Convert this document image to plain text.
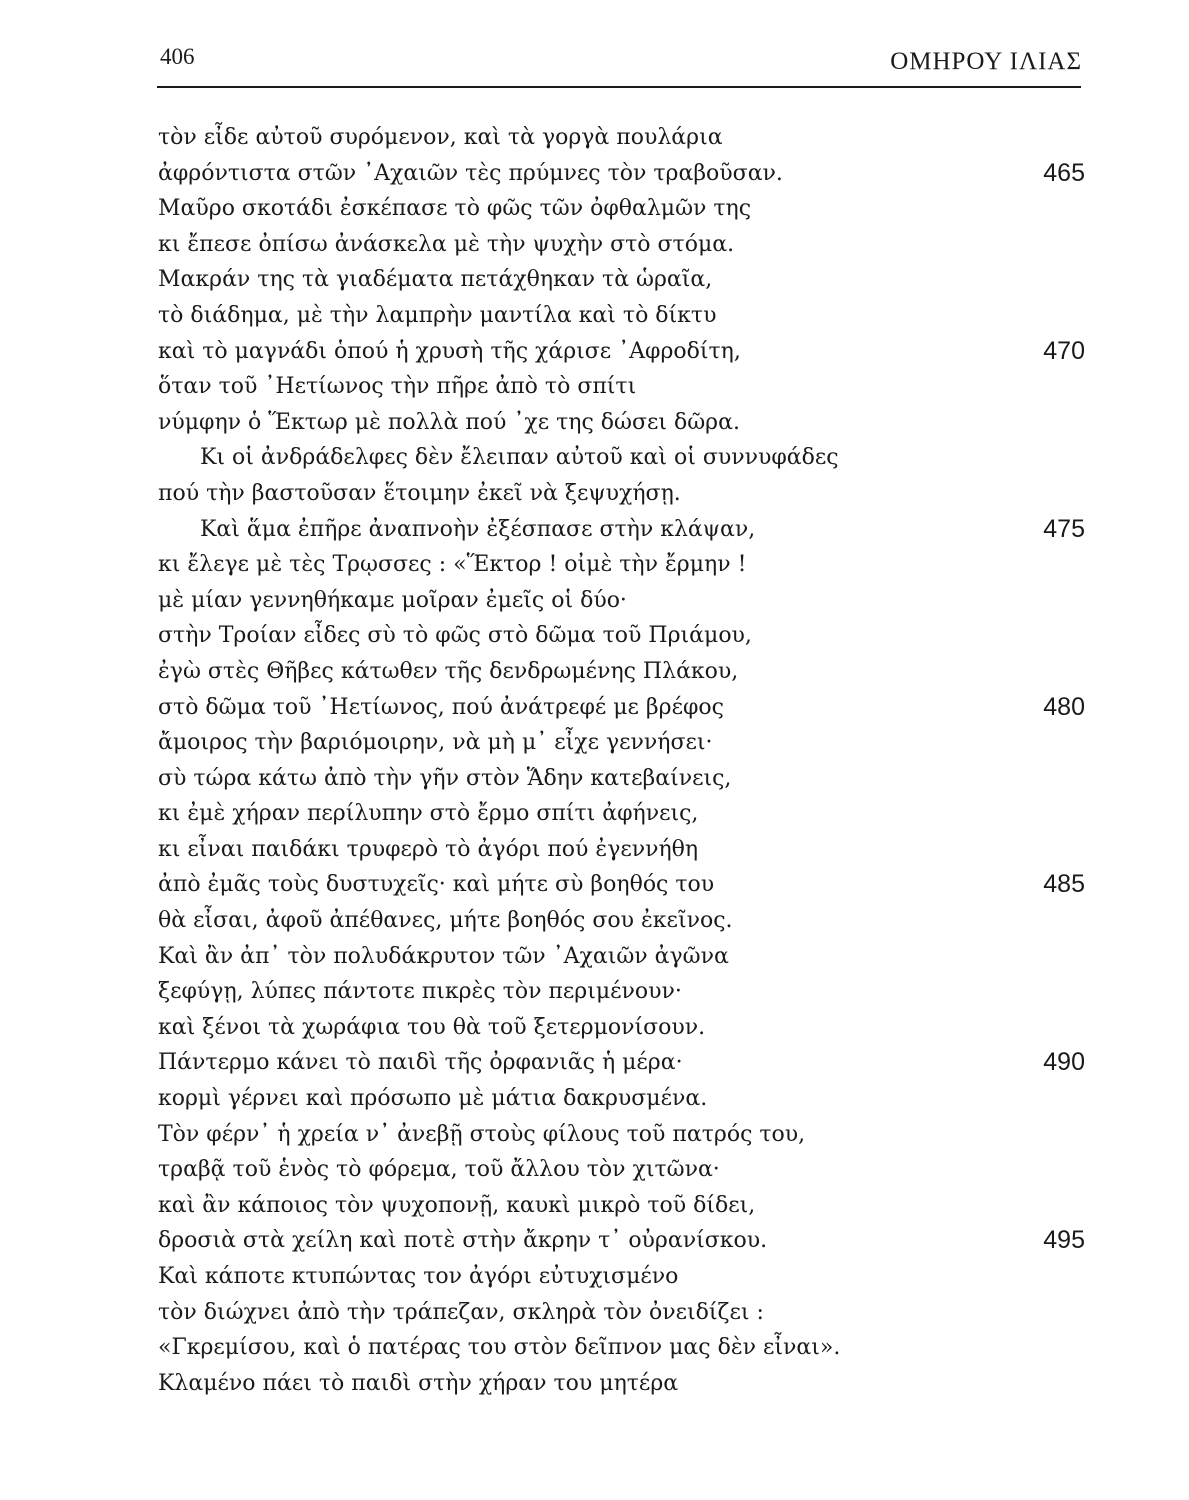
406	ΟΜΗΡΟΥ ΙΛΙΑΣ
τὸν εἶδε αὐτοῦ συρόμενον, καὶ τὰ γοργὰ πουλάρια
ἀφρόντιστα στῶν ᾿Αχαιῶν τὲς πρύμνες τὸν τραβοῦσαν.	465
Μαῦρο σκοτάδι ἐσκέπασε τὸ φῶς τῶν ὀφθαλμῶν της
κι ἔπεσε ὀπίσω ἀνάσκελα μὲ τὴν ψυχὴν στὸ στόμα.
Μακράν της τὰ γιαδέματα πετάχθηκαν τὰ ὡραῖα,
τὸ διάδημα, μὲ τὴν λαμπρὴν μαντίλα καὶ τὸ δίκτυ
καὶ τὸ μαγνάδι ὁπού ἡ χρυσὴ τῆς χάρισε ᾿Αφροδίτη,	470
ὅταν τοῦ ᾿Ηετίωνος τὴν πῆρε ἀπὸ τὸ σπίτι
νύμφην ὁ Ἕκτωρ μὲ πολλὰ πού ᾿χε της δώσει δῶρα.
Κι οἱ ἀνδράδελφες δὲν ἔλειπαν αὐτοῦ καὶ οἱ συννυφάδες
πού τὴν βαστοῦσαν ἕτοιμην ἐκεῖ νὰ ξεψυχήσῃ.
Καὶ ἅμα ἐπῆρε ἀναπνοὴν ἐξέσπασε στὴν κλάψαν,	475
κι ἔλεγε μὲ τὲς Τρῳσσες : «Ἕκτορ ! οἰμὲ τὴν ἔρμην !
μὲ μίαν γεννηθήκαμε μοῖραν ἐμεῖς οἱ δύο·
στὴν Τροίαν εἶδες σὺ τὸ φῶς στὸ δῶμα τοῦ Πριάμου,
ἐγὼ στὲς Θῆβες κάτωθεν τῆς δενδρωμένης Πλάκου,
στὸ δῶμα τοῦ ᾿Ηετίωνος, πού ἀνάτρεφέ με βρέφος	480
ἄμοιρος τὴν βαριόμοιρην, νὰ μὴ μ᾿ εἶχε γεννήσει·
σὺ τώρα κάτω ἀπὸ τὴν γῆν στὸν Ἅδην κατεβαίνεις,
κι ἐμὲ χήραν περίλυπην στὸ ἔρμο σπίτι ἀφήνεις,
κι εἶναι παιδάκι τρυφερὸ τὸ ἀγόρι πού ἐγεννήθη
ἀπὸ ἐμᾶς τοὺς δυστυχεῖς· καὶ μήτε σὺ βοηθός του	485
θὰ εἶσαι, ἀφοῦ ἀπέθανες, μήτε βοηθός σου ἐκεῖνος.
Καὶ ἂν ἀπ᾿ τὸν πολυδάκρυτον τῶν ᾿Αχαιῶν ἀγῶνα
ξεφύγῃ, λύπες πάντοτε πικρὲς τὸν περιμένουν·
καὶ ξένοι τὰ χωράφια του θὰ τοῦ ξετερμονίσουν.
Πάντερμο κάνει τὸ παιδὶ τῆς ὀρφανιᾶς ἡ μέρα·	490
κορμὶ γέρνει καὶ πρόσωπο μὲ μάτια δακρυσμένα.
Τὸν φέρν᾿ ἡ χρεία ν᾿ ἀνεβῇ στοὺς φίλους τοῦ πατρός του,
τραβᾷ τοῦ ἑνὸς τὸ φόρεμα, τοῦ ἄλλου τὸν χιτῶνα·
καὶ ἂν κάποιος τὸν ψυχοπονῇ, καυκὶ μικρὸ τοῦ δίδει,
δροσιὰ στὰ χείλη καὶ ποτὲ στὴν ἄκρην τ᾿ οὐρανίσκου.	495
Καὶ κάποτε κτυπώντας τον ἀγόρι εὐτυχισμένο
τὸν διώχνει ἀπὸ τὴν τράπεζαν, σκληρὰ τὸν ὀνειδίζει :
«Γκρεμίσου, καὶ ὁ πατέρας του στὸν δεῖπνον μας δὲν εἶναι».
Κλαμένο πάει τὸ παιδὶ στὴν χήραν του μητέρα
